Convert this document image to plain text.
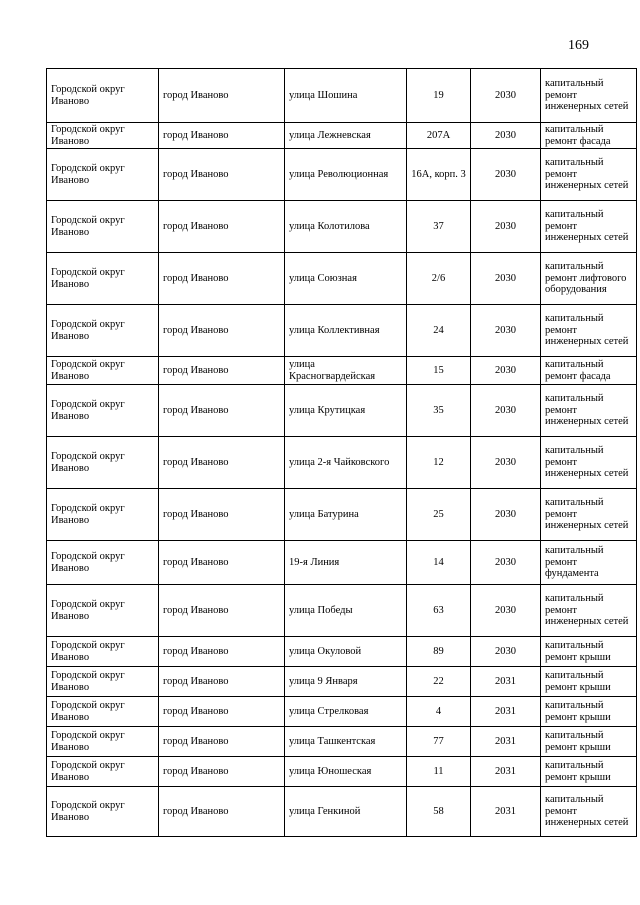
169
Городской округ Иваново	город Иваново	улица Шошина	19	2030	капитальный ремонт инженерных сетей
Городской округ Иваново	город Иваново	улица Лежневская	207А	2030	капитальный ремонт фасада
Городской округ Иваново	город Иваново	улица Революционная	16А, корп. 3	2030	капитальный ремонт инженерных сетей
Городской округ Иваново	город Иваново	улица Колотилова	37	2030	капитальный ремонт инженерных сетей
Городской округ Иваново	город Иваново	улица Союзная	2/6	2030	капитальный ремонт лифтового оборудования
Городской округ Иваново	город Иваново	улица Коллективная	24	2030	капитальный ремонт инженерных сетей
Городской округ Иваново	город Иваново	улица Красногвардейская	15	2030	капитальный ремонт фасада
Городской округ Иваново	город Иваново	улица Крутицкая	35	2030	капитальный ремонт инженерных сетей
Городской округ Иваново	город Иваново	улица 2-я Чайковского	12	2030	капитальный ремонт инженерных сетей
Городской округ Иваново	город Иваново	улица Батурина	25	2030	капитальный ремонт инженерных сетей
Городской округ Иваново	город Иваново	19-я Линия	14	2030	капитальный ремонт фундамента
Городской округ Иваново	город Иваново	улица Победы	63	2030	капитальный ремонт инженерных сетей
Городской округ Иваново	город Иваново	улица Окуловой	89	2030	капитальный ремонт крыши
Городской округ Иваново	город Иваново	улица 9 Января	22	2031	капитальный ремонт крыши
Городской округ Иваново	город Иваново	улица Стрелковая	4	2031	капитальный ремонт крыши
Городской округ Иваново	город Иваново	улица Ташкентская	77	2031	капитальный ремонт крыши
Городской округ Иваново	город Иваново	улица Юношеская	11	2031	капитальный ремонт крыши
Городской округ Иваново	город Иваново	улица Генкиной	58	2031	капитальный ремонт инженерных сетей
